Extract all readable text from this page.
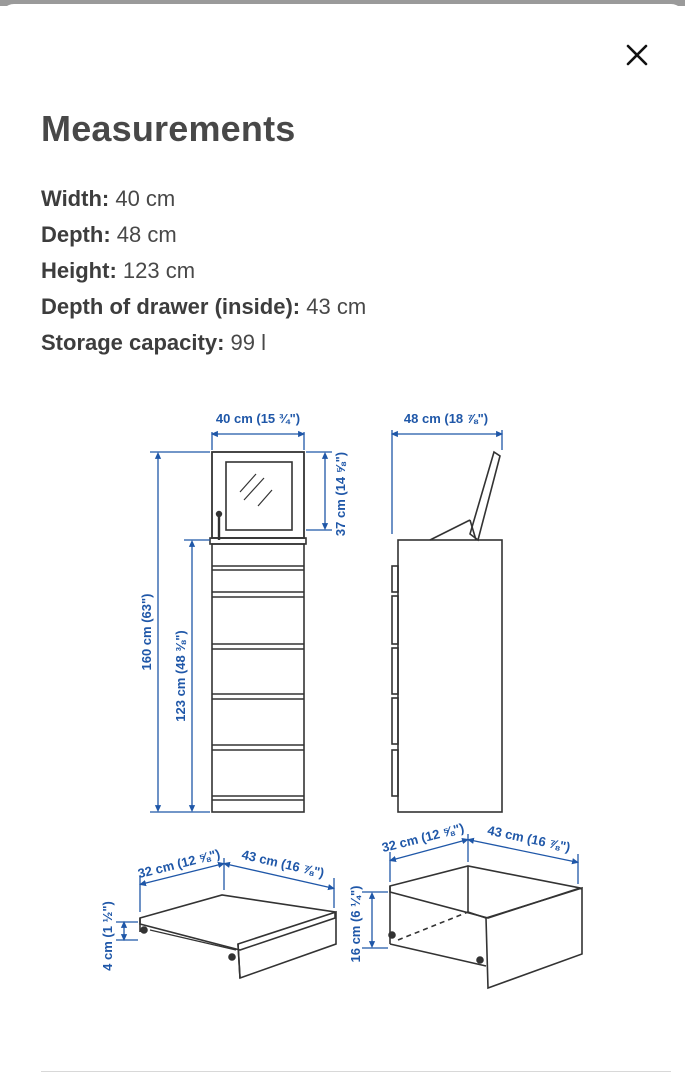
Measurements
Width: 40 cm
Depth: 48 cm
Height: 123 cm
Depth of drawer (inside): 43 cm
Storage capacity: 99 l
40 cm (15 ¾")
160 cm (63") 123 cm (48 ⅜")
37 cm (14 ⅝")
48 cm (18 ⅞")
32 cm (12 ⅝") 43 cm (16 ⅞")
4 cm (1 ½")
32 cm (12 ⅝") 43 cm (16 ⅞")
16 cm (6 ¼")
